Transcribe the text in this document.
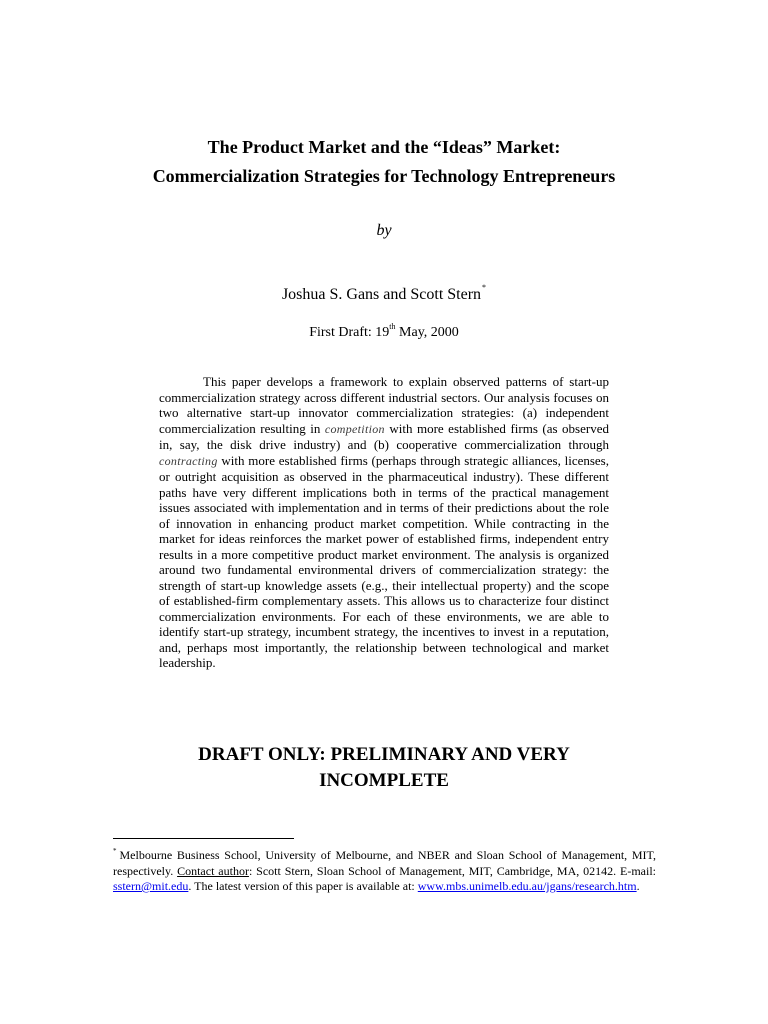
The Product Market and the “Ideas” Market:
Commercialization Strategies for Technology Entrepreneurs
by
Joshua S. Gans and Scott Stern*
First Draft: 19th May, 2000

This paper develops a framework to explain observed patterns of start-up commercialization strategy across different industrial sectors. Our analysis focuses on two alternative start-up innovator commercialization strategies: (a) independent commercialization resulting in competition with more established firms (as observed in, say, the disk drive industry) and (b) cooperative commercialization through contracting with more established firms (perhaps through strategic alliances, licenses, or outright acquisition as observed in the pharmaceutical industry). These different paths have very different implications both in terms of the practical management issues associated with implementation and in terms of their predictions about the role of innovation in enhancing product market competition. While contracting in the market for ideas reinforces the market power of established firms, independent entry results in a more competitive product market environment. The analysis is organized around two fundamental environmental drivers of commercialization strategy: the strength of start-up knowledge assets (e.g., their intellectual property) and the scope of established-firm complementary assets. This allows us to characterize four distinct commercialization environments. For each of these environments, we are able to identify start-up strategy, incumbent strategy, the incentives to invest in a reputation, and, perhaps most importantly, the relationship between technological and market leadership.

DRAFT ONLY: PRELIMINARY AND VERY
INCOMPLETE

* Melbourne Business School, University of Melbourne, and NBER and Sloan School of Management, MIT, respectively. Contact author: Scott Stern, Sloan School of Management, MIT, Cambridge, MA, 02142. E-mail: sstern@mit.edu. The latest version of this paper is available at: www.mbs.unimelb.edu.au/jgans/research.htm.
